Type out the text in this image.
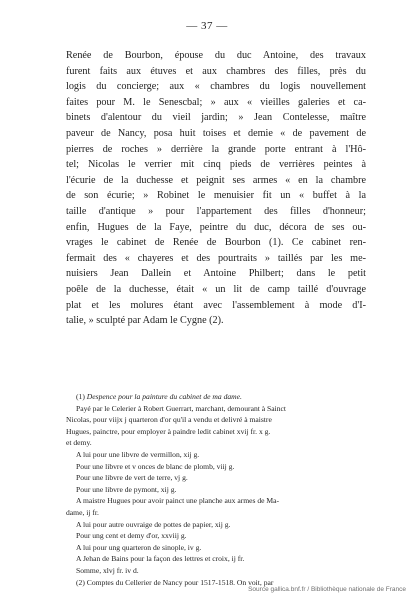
— 37 —
Renée de Bourbon, épouse du duc Antoine, des travaux
furent faits aux étuves et aux chambres des filles, près du
logis du concierge; aux « chambres du logis nouvellement
faites pour M. le Senescbal; » aux « vieilles galeries et ca-
binets d'alentour du vieil jardin; » Jean Contelesse, maître
paveur de Nancy, posa huit toises et demie « de pavement de
pierres de roches » derrière la grande porte entrant à l'Hô-
tel; Nicolas le verrier mit cinq pieds de verrières peintes à
l'écurie de la duchesse et peignit ses armes « en la chambre
de son écurie; » Robinet le menuisier fit un « buffet à la
taille d'antique » pour l'appartement des filles d'honneur;
enfin, Hugues de la Faye, peintre du duc, décora de ses ou-
vrages le cabinet de Renée de Bourbon (1). Ce cabinet ren-
fermait des « chayeres et des pourtraits » taillés par les me-
nuisiers Jean Dallein et Antoine Philbert; dans le petit
poêle de la duchesse, était « un lit de camp taillé d'ouvrage
plat et les molures étant avec l'assemblement à mode d'I-
talie, » sculpté par Adam le Cygne (2).
(1) Despence pour la painture du cabinet de ma dame.
Payé par le Celerier à Robert Guerrart, marchant, demourant à Sainct
Nicolas, pour viijx j quarteron d'or qu'il a vendu et delivré à maistre
Hugues, painctre, pour employer à paindre ledit cabinet xvij fr. x g.
et demy.
A lui pour une libvre de vermillon, xij g.
Pour une libvre et v onces de blanc de plomb, viij g.
Pour une libvre de vert de terre, vj g.
Pour une libvre de pymont, xij g.
A maistre Hugues pour avoir painct une planche aux armes de Ma-
dame, ij fr.
A lui pour autre ouvraige de pottes de papier, xij g.
Pour ung cent et demy d'or, xxviij g.
A lui pour ung quarteron de sinople, iv g.
A Jehan de Bains pour la façon des lettres et croix, ij fr.
Somme, xlvj fr. iv d.
(2) Comptes du Cellerier de Nancy pour 1517-1518. On voit, par
Source gallica.bnf.fr / Bibliothèque nationale de France
